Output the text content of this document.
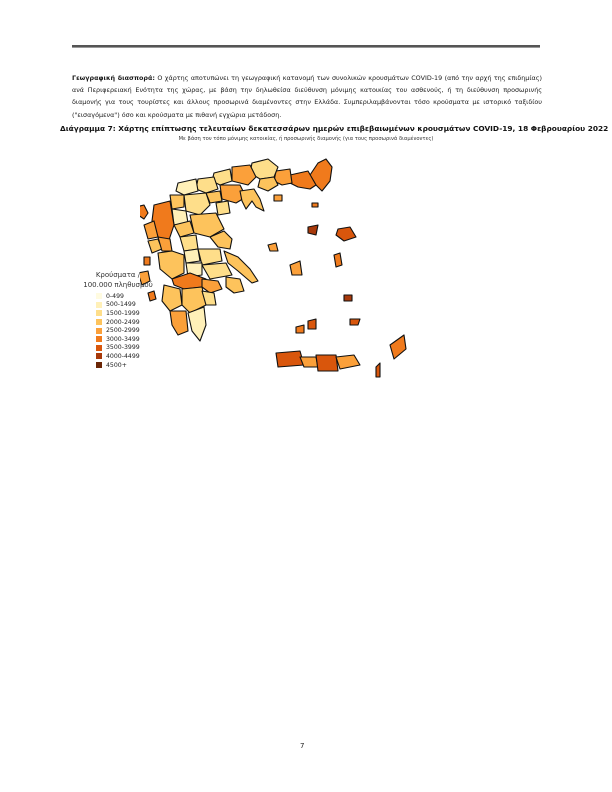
Γεωγραφική διασπορά: Ο χάρτης αποτυπώνει τη γεωγραφική κατανομή των συνολικών κρουσμάτων COVID-19 (από την αρχή της επιδημίας) ανά Περιφερειακή Ενότητα της χώρας, με βάση την δηλωθείσα διεύθυνση μόνιμης κατοικίας του ασθενούς, ή τη διεύθυνση προσωρινής διαμονής για τους τουρίστες και άλλους προσωρινά διαμένοντες στην Ελλάδα. Συμπεριλαμβάνονται τόσο κρούσματα με ιστορικό ταξιδίου ("εισαγόμενα") όσο και κρούσματα με πιθανή εγχώρια μετάδοση.
Διάγραμμα 7: Χάρτης επίπτωσης τελευταίων δεκατεσσάρων ημερών επιβεβαιωμένων κρουσμάτων COVID-19, 18 Φεβρουαρίου 2022
Με βάση τον τόπο μόνιμης κατοικίας, ή προσωρινής διαμονής (για τους προσωρινά διαμένοντες)
Κρούσματα /
100.000 πληθυσμού
0-499
500-1499
1500-1999
2000-2499
2500-2999
3000-3499
3500-3999
4000-4499
4500+
7
